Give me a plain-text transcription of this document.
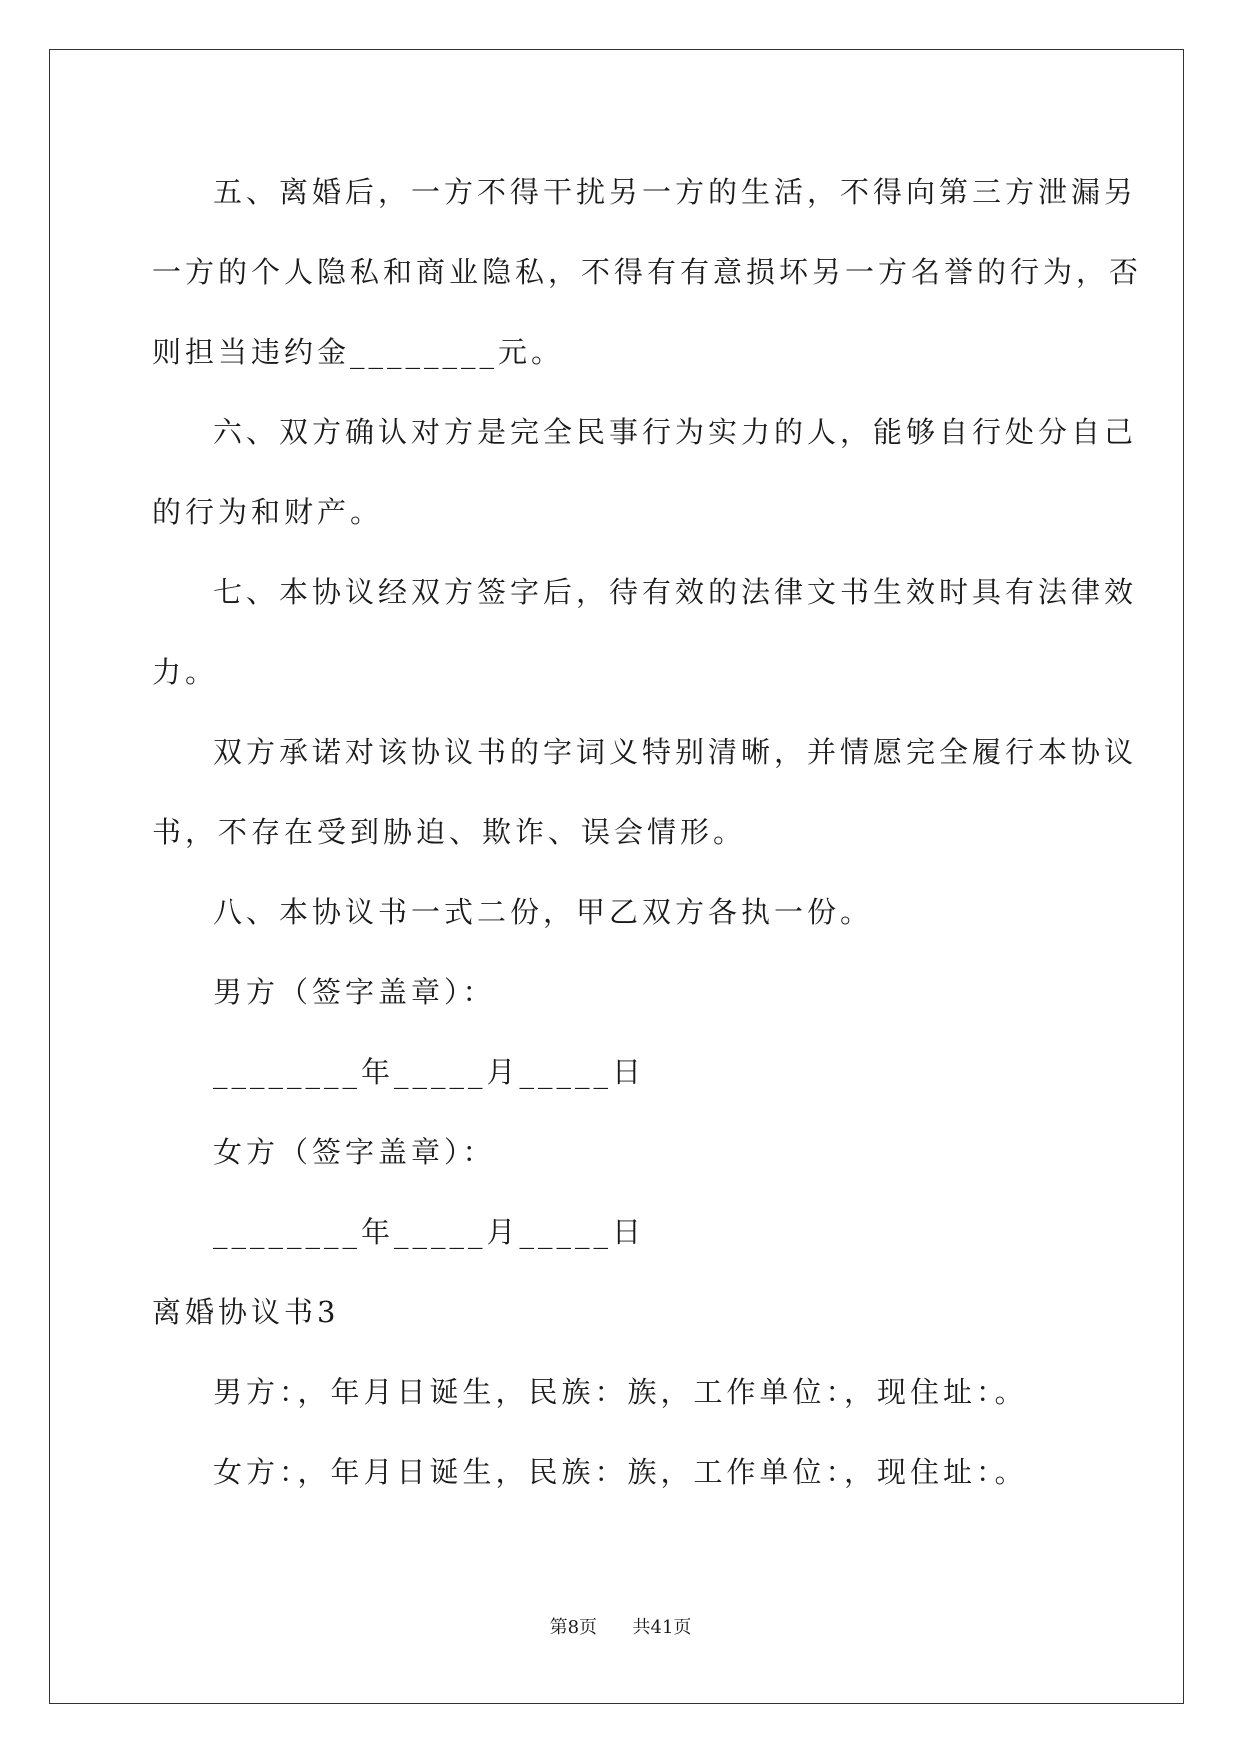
五、离婚后，一方不得干扰另一方的生活，不得向第三方泄漏另

一方的个人隐私和商业隐私，不得有有意损坏另一方名誉的行为，否

则担当违约金________元。

六、双方确认对方是完全民事行为实力的人，能够自行处分自己

的行为和财产。

七、本协议经双方签字后，待有效的法律文书生效时具有法律效

力。

双方承诺对该协议书的字词义特别清晰，并情愿完全履行本协议

书，不存在受到胁迫、欺诈、误会情形。

八、本协议书一式二份，甲乙双方各执一份。

男方（签字盖章）：

________年_____月_____日

女方（签字盖章）：

________年_____月_____日

离婚协议书3

男方：，年月日诞生，民族：族，工作单位：，现住址：。

女方：，年月日诞生，民族：族，工作单位：，现住址：。

第8页 共41页
